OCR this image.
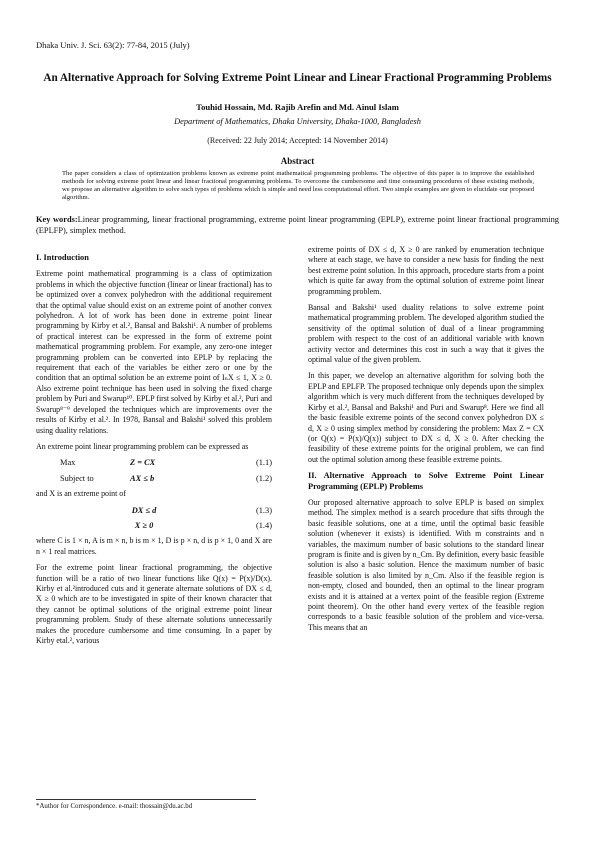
Dhaka Univ. J. Sci. 63(2): 77-84, 2015 (July)
An Alternative Approach for Solving Extreme Point Linear and Linear Fractional Programming Problems
Touhid Hossain, Md. Rajib Arefin and Md. Ainul Islam
Department of Mathematics, Dhaka University, Dhaka-1000, Bangladesh
(Received: 22 July 2014; Accepted: 14 November 2014)
Abstract
The paper considers a class of optimization problems known as extreme point mathematical programming problems. The objective of this paper is to improve the established methods for solving extreme point linear and linear fractional programming problems. To overcome the cumbersome and time consuming procedures of these existing methods, we propose an alternative algorithm to solve such types of problems which is simple and need less computational effort. Two simple examples are given to elucidate our proposed algorithm.
Key words:Linear programming, linear fractional programming, extreme point linear programming (EPLP), extreme point linear fractional programming (EPLFP), simplex method.
I. Introduction

Extreme point mathematical programming is a class of optimization problems in which the objective function (linear or linear fractional) has to be optimized over a convex polyhedron with the additional requirement that the optimal value should exist on an extreme point of another convex polyhedron. A lot of work has been done in extreme point linear programming by Kirby et al.², Bansal and Bakshi¹. A number of problems of practical interest can be expressed in the form of extreme point mathematical programming problem. For example, any zero-one integer programming problem can be converted into EPLP by replacing the requirement that each of the variables be either zero or one by the condition that an optimal solution be an extreme point of IₙX ≤ 1, X ≥ 0. Also extreme point technique has been used in solving the fixed charge problem by Puri and Swarup¹⁰. EPLP first solved by Kirby et al.², Puri and Swarup⁸⁻⁹ developed the techniques which are improvements over the results of Kirby et al.². In 1978, Bansal and Bakshi¹ solved this problem using duality relations.

An extreme point linear programming problem can be expressed as

Max	Z = CX	(1.1)
Subject to	AX ≤ b	(1.2)

and X is an extreme point of

DX ≤ d	(1.3)
X ≥ 0	(1.4)

where C is 1 × n, A is m × n, b is m × 1, D is p × n, d is p × 1, 0 and X are n × 1 real matrices.

For the extreme point linear fractional programming, the objective function will be a ratio of two linear functions like Q(x) = P(x)/D(x). Kirby et al.²introduced cuts and it generate alternate solutions of DX ≤ d, X ≥ 0 which are to be investigated in spite of their known character that they cannot be optimal solutions of the original extreme point linear programming problem. Study of these alternate solutions unnecessarily makes the procedure cumbersome and time consuming. In a paper by Kirby etal.², various

extreme points of DX ≤ d, X ≥ 0 are ranked by enumeration technique where at each stage, we have to consider a new basis for finding the next best extreme point solution. In this approach, procedure starts from a point which is quite far away from the optimal solution of extreme point linear programming problem.

Bansal and Bakshi¹ used duality relations to solve extreme point mathematical programming problem. The developed algorithm studied the sensitivity of the optimal solution of dual of a linear programming problem with respect to the cost of an additional variable with known activity vector and determines this cost in such a way that it gives the optimal value of the given problem.

In this paper, we develop an alternative algorithm for solving both the EPLP and EPLFP. The proposed technique only depends upon the simplex algorithm which is very much different from the techniques developed by Kirby et al.², Bansal and Bakshi¹ and Puri and Swarup⁸. Here we find all the basic feasible extreme points of the second convex polyhedron DX ≤ d, X ≥ 0 using simplex method by considering the problem: Max Z = CX (or Q(x) = P(x)/Q(x)) subject to DX ≤ d, X ≥ 0. After checking the feasibility of these extreme points for the original problem, we can find out the optimal solution among these feasible extreme points.

II. Alternative Approach to Solve Extreme Point Linear Programming (EPLP) Problems

Our proposed alternative approach to solve EPLP is based on simplex method. The simplex method is a search procedure that sifts through the basic feasible solutions, one at a time, until the optimal basic feasible solution (whenever it exists) is identified. With m constraints and n variables, the maximum number of basic solutions to the standard linear program is finite and is given by n_Cm. By definition, every basic feasible solution is also a basic solution. Hence the maximum number of basic feasible solution is also limited by n_Cm. Also if the feasible region is non-empty, closed and bounded, then an optimal to the linear program exists and it is attained at a vertex point of the feasible region (Extreme point theorem). On the other hand every vertex of the feasible region corresponds to a basic feasible solution of the problem and vice-versa. This means that an

*Author for Correspondence. e-mail: thossain@du.ac.bd
